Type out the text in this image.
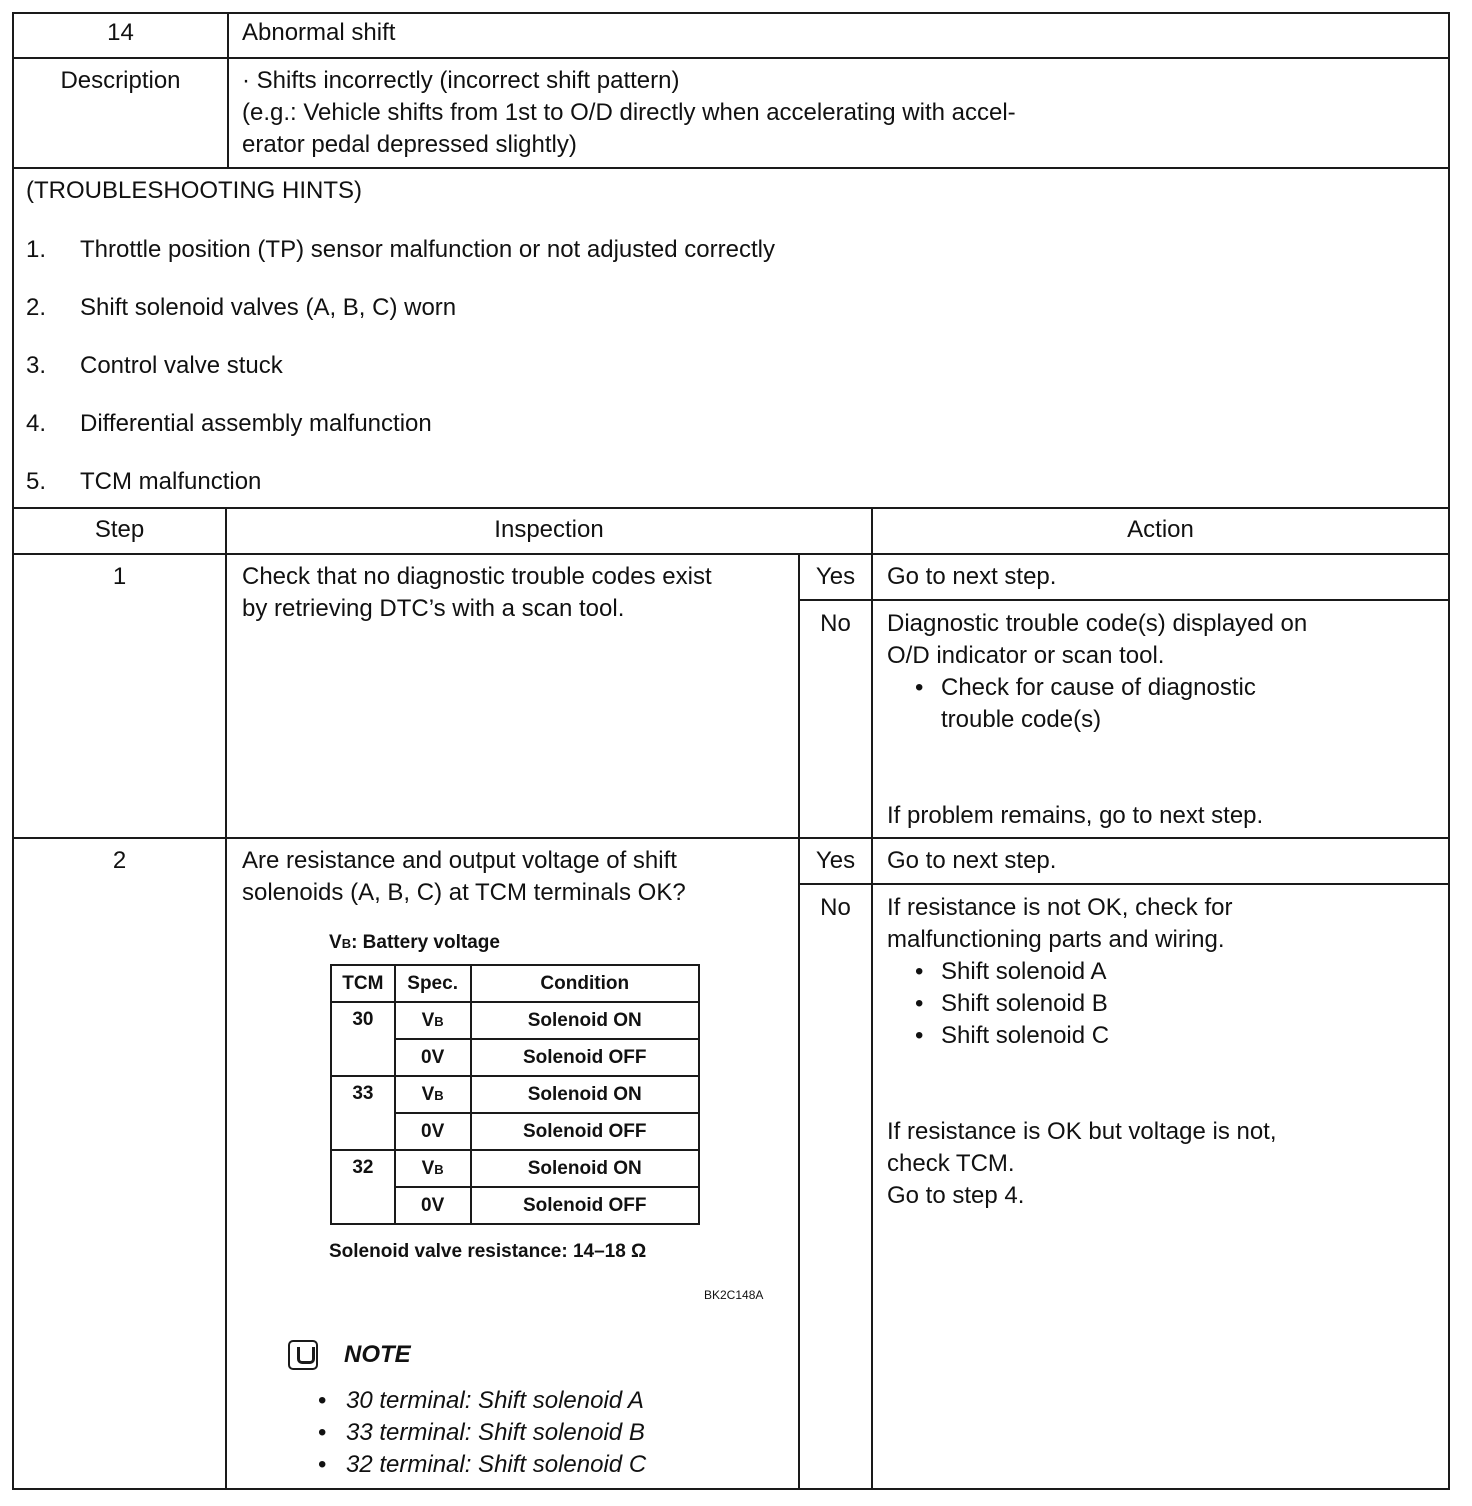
14	Abnormal shift
Description	· Shifts incorrectly (incorrect shift pattern)
(e.g.: Vehicle shifts from 1st to O/D directly when accelerating with accel-
erator pedal depressed slightly)
(TROUBLESHOOTING HINTS)
1. Throttle position (TP) sensor malfunction or not adjusted correctly
2. Shift solenoid valves (A, B, C) worn
3. Control valve stuck
4. Differential assembly malfunction
5. TCM malfunction
Step	Inspection	Action
1	Check that no diagnostic trouble codes exist
by retrieving DTC’s with a scan tool.
Yes	Go to next step.
No	Diagnostic trouble code(s) displayed on
O/D indicator or scan tool.
• Check for cause of diagnostic
trouble code(s)
If problem remains, go to next step.
2	Are resistance and output voltage of shift
solenoids (A, B, C) at TCM terminals OK?
Yes	Go to next step.
No	If resistance is not OK, check for
malfunctioning parts and wiring.
• Shift solenoid A
• Shift solenoid B
• Shift solenoid C
If resistance is OK but voltage is not,
check TCM.
Go to step 4.
VB: Battery voltage
TCM	Spec.	Condition
30	VB	Solenoid ON
	0V	Solenoid OFF
33	VB	Solenoid ON
	0V	Solenoid OFF
32	VB	Solenoid ON
	0V	Solenoid OFF
Solenoid valve resistance: 14–18 Ω
BK2C148A
NOTE
• 30 terminal: Shift solenoid A
• 33 terminal: Shift solenoid B
• 32 terminal: Shift solenoid C
